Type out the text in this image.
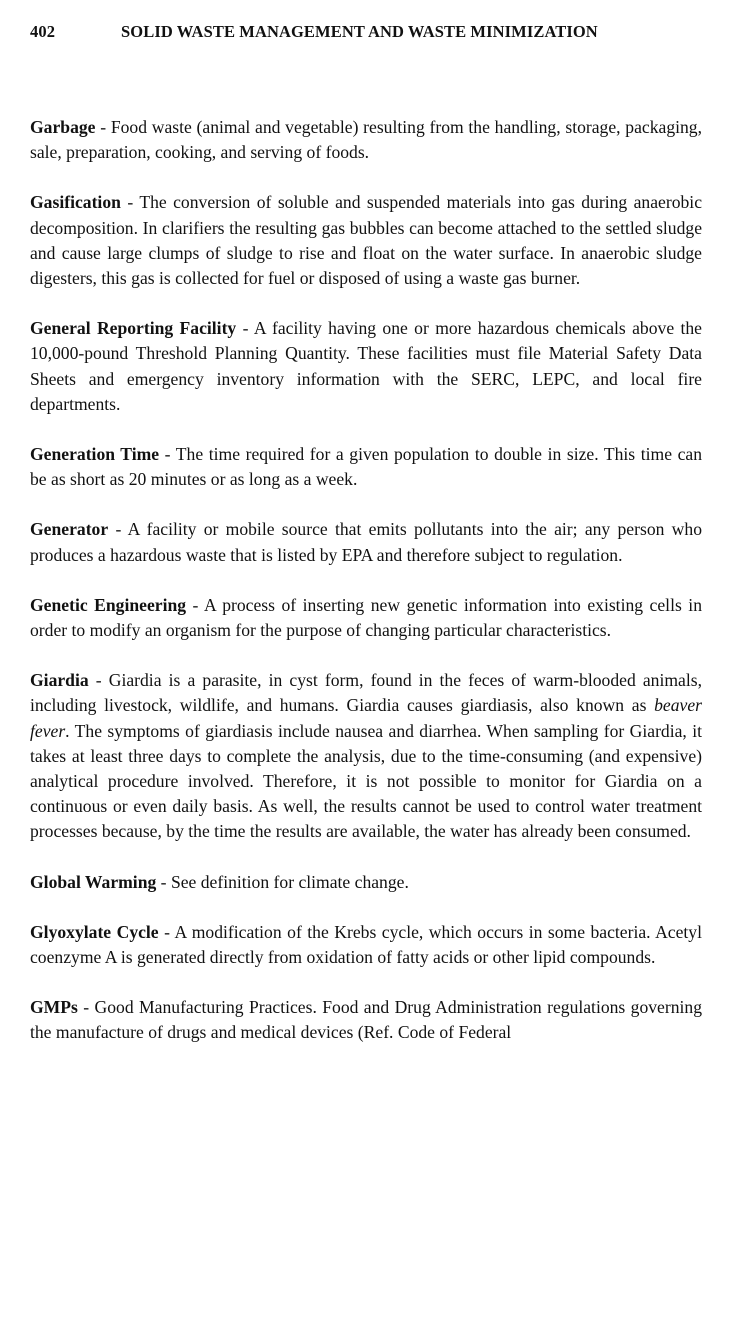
402	SOLID WASTE MANAGEMENT AND WASTE MINIMIZATION

Garbage - Food waste (animal and vegetable) resulting from the handling, storage, packaging, sale, preparation, cooking, and serving of foods.

Gasification - The conversion of soluble and suspended materials into gas during anaerobic decomposition. In clarifiers the resulting gas bubbles can become attached to the settled sludge and cause large clumps of sludge to rise and float on the water surface. In anaerobic sludge digesters, this gas is collected for fuel or disposed of using a waste gas burner.

General Reporting Facility - A facility having one or more hazardous chemicals above the 10,000-pound Threshold Planning Quantity. These facilities must file Material Safety Data Sheets and emergency inventory information with the SERC, LEPC, and local fire departments.

Generation Time - The time required for a given population to double in size. This time can be as short as 20 minutes or as long as a week.

Generator - A facility or mobile source that emits pollutants into the air; any person who produces a hazardous waste that is listed by EPA and therefore subject to regulation.

Genetic Engineering - A process of inserting new genetic information into existing cells in order to modify an organism for the purpose of changing particular characteristics.

Giardia - Giardia is a parasite, in cyst form, found in the feces of warm-blooded animals, including livestock, wildlife, and humans. Giardia causes giardiasis, also known as beaver fever. The symptoms of giardiasis include nausea and diarrhea. When sampling for Giardia, it takes at least three days to complete the analysis, due to the time-consuming (and expensive) analytical procedure involved. Therefore, it is not possible to monitor for Giardia on a continuous or even daily basis. As well, the results cannot be used to control water treatment processes because, by the time the results are available, the water has already been consumed.

Global Warming - See definition for climate change.

Glyoxylate Cycle - A modification of the Krebs cycle, which occurs in some bacteria. Acetyl coenzyme A is generated directly from oxidation of fatty acids or other lipid compounds.

GMPs - Good Manufacturing Practices. Food and Drug Administration regulations governing the manufacture of drugs and medical devices (Ref. Code of Federal
